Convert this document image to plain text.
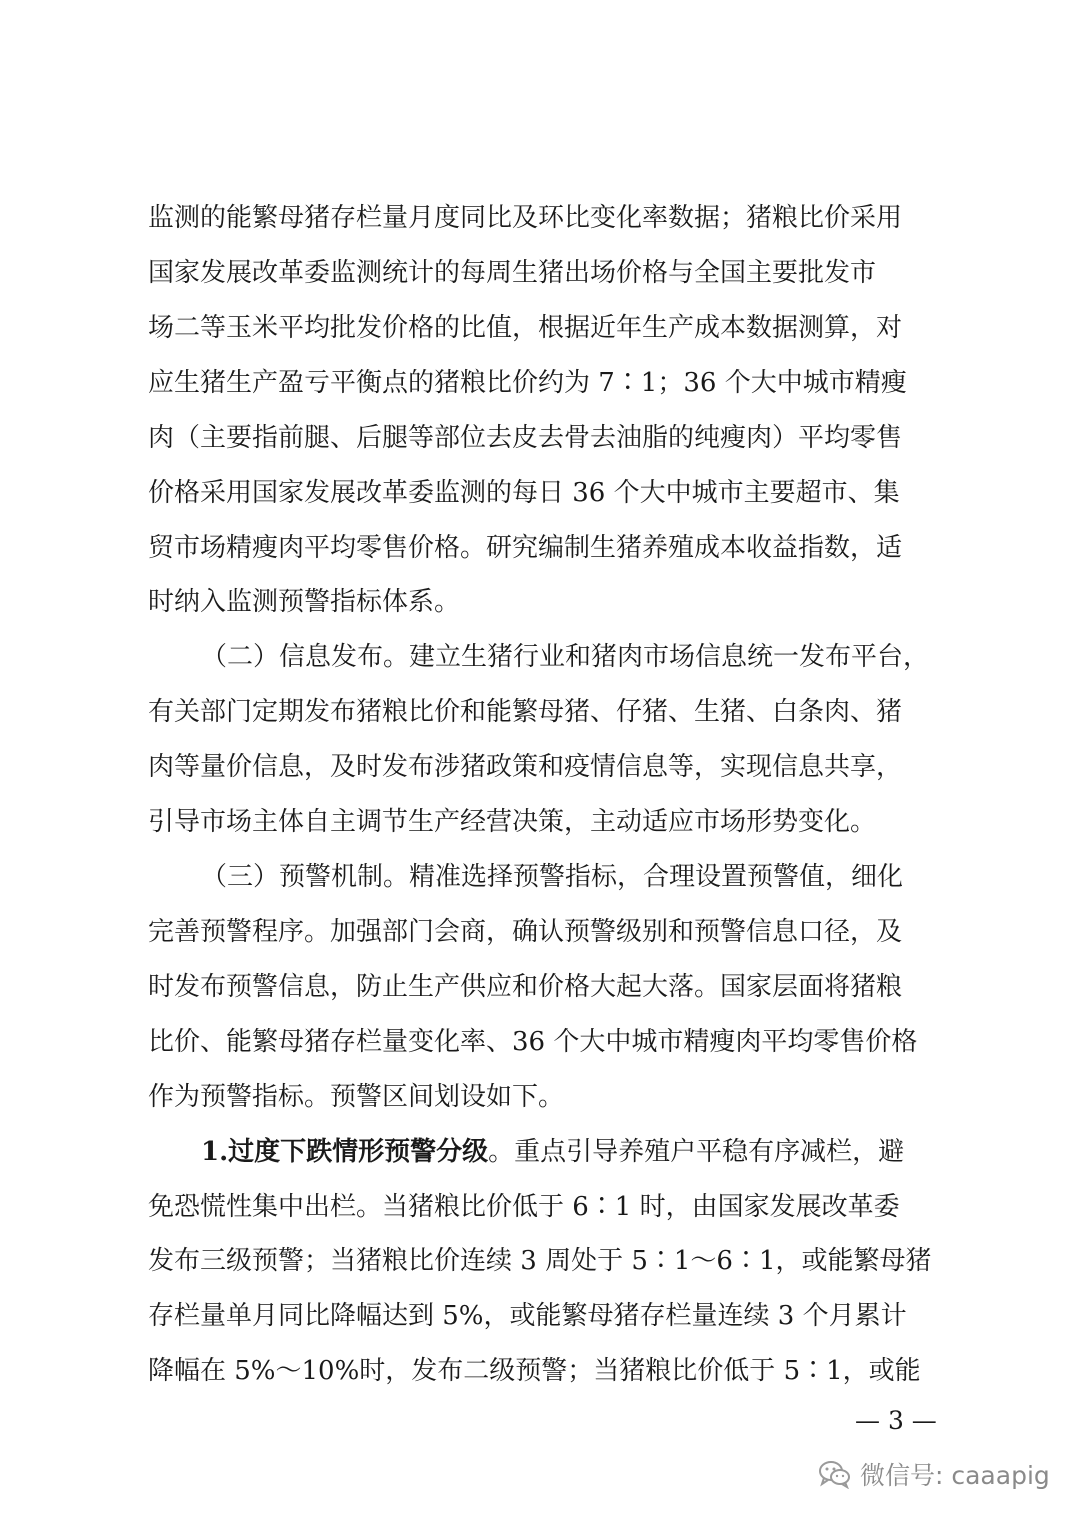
监测的能繁母猪存栏量月度同比及环比变化率数据；猪粮比价采用
国家发展改革委监测统计的每周生猪出场价格与全国主要批发市
场二等玉米平均批发价格的比值，根据近年生产成本数据测算，对
应生猪生产盈亏平衡点的猪粮比价约为 7∶1；36 个大中城市精瘦
肉（主要指前腿、后腿等部位去皮去骨去油脂的纯瘦肉）平均零售
价格采用国家发展改革委监测的每日 36 个大中城市主要超市、集
贸市场精瘦肉平均零售价格。研究编制生猪养殖成本收益指数，适
时纳入监测预警指标体系。
（二）信息发布。建立生猪行业和猪肉市场信息统一发布平台，
有关部门定期发布猪粮比价和能繁母猪、仔猪、生猪、白条肉、猪
肉等量价信息，及时发布涉猪政策和疫情信息等，实现信息共享，
引导市场主体自主调节生产经营决策，主动适应市场形势变化。
（三）预警机制。精准选择预警指标，合理设置预警值，细化
完善预警程序。加强部门会商，确认预警级别和预警信息口径，及
时发布预警信息，防止生产供应和价格大起大落。国家层面将猪粮
比价、能繁母猪存栏量变化率、36 个大中城市精瘦肉平均零售价格
作为预警指标。预警区间划设如下。
1.过度下跌情形预警分级。重点引导养殖户平稳有序减栏，避
免恐慌性集中出栏。当猪粮比价低于 6∶1 时，由国家发展改革委
发布三级预警；当猪粮比价连续 3 周处于 5∶1～6∶1，或能繁母猪
存栏量单月同比降幅达到 5%，或能繁母猪存栏量连续 3 个月累计
降幅在 5%～10%时，发布二级预警；当猪粮比价低于 5∶1，或能
— 3 —
微信号: caaapig
